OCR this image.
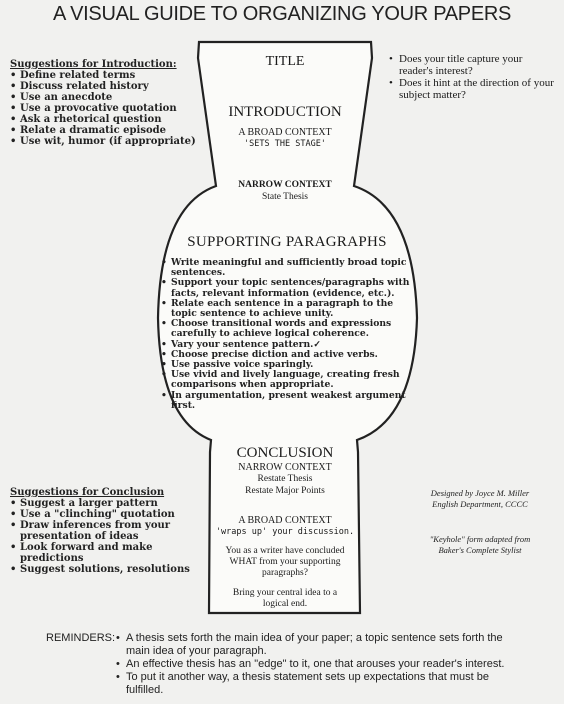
A VISUAL GUIDE TO ORGANIZING YOUR PAPERS
Suggestions for Introduction:
• Define related terms
• Discuss related history
• Use an anecdote
• Use a provocative quotation
• Ask a rhetorical question
• Relate a dramatic episode
• Use wit, humor (if appropriate)
• Does your title capture your reader's interest?
• Does it hint at the direction of your subject matter?
TITLE
INTRODUCTION
A BROAD CONTEXT
'SETS THE STAGE'
NARROW CONTEXT
State Thesis
SUPPORTING PARAGRAPHS
• Write meaningful and sufficiently broad topic sentences.
• Support your topic sentences/paragraphs with facts, relevant information (evidence, etc.).
• Relate each sentence in a paragraph to the topic sentence to achieve unity.
• Choose transitional words and expressions carefully to achieve logical coherence.
• Vary your sentence pattern.✓
• Choose precise diction and active verbs.
• Use passive voice sparingly.
• Use vivid and lively language, creating fresh comparisons when appropriate.
• In argumentation, present weakest argument first.
CONCLUSION
NARROW CONTEXT
Restate Thesis
Restate Major Points
A BROAD CONTEXT
'wraps up' your discussion.
You as a writer have concluded
WHAT from your supporting
paragraphs?
Bring your central idea to a
logical end.
Suggestions for Conclusion
• Suggest a larger pattern
• Use a "clinching" quotation
• Draw inferences from your presentation of ideas
• Look forward and make predictions
• Suggest solutions, resolutions
Designed by Joyce M. Miller
English Department, CCCC
"Keyhole" form adapted from
Baker's Complete Stylist
REMINDERS:
• A thesis sets forth the main idea of your paper; a topic sentence sets forth the main idea of your paragraph.
• An effective thesis has an "edge" to it, one that arouses your reader's interest.
• To put it another way, a thesis statement sets up expectations that must be fulfilled.
